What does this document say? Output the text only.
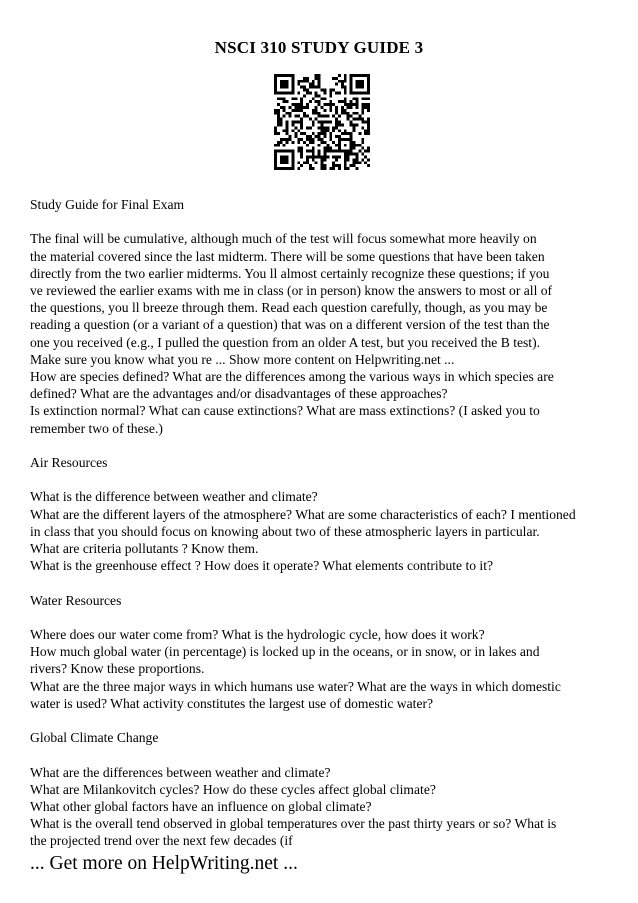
NSCI 310 STUDY GUIDE 3

Study Guide for Final Exam

The final will be cumulative, although much of the test will focus somewhat more heavily on
the material covered since the last midterm. There will be some questions that have been taken
directly from the two earlier midterms. You ll almost certainly recognize these questions; if you
ve reviewed the earlier exams with me in class (or in person) know the answers to most or all of
the questions, you ll breeze through them. Read each question carefully, though, as you may be
reading a question (or a variant of a question) that was on a different version of the test than the
one you received (e.g., I pulled the question from an older A test, but you received the B test).
Make sure you know what you re ... Show more content on Helpwriting.net ...
How are species defined? What are the differences among the various ways in which species are
defined? What are the advantages and/or disadvantages of these approaches?
Is extinction normal? What can cause extinctions? What are mass extinctions? (I asked you to
remember two of these.)

Air Resources

What is the difference between weather and climate?
What are the different layers of the atmosphere? What are some characteristics of each? I mentioned
in class that you should focus on knowing about two of these atmospheric layers in particular.
What are criteria pollutants ? Know them.
What is the greenhouse effect ? How does it operate? What elements contribute to it?

Water Resources

Where does our water come from? What is the hydrologic cycle, how does it work?
How much global water (in percentage) is locked up in the oceans, or in snow, or in lakes and
rivers? Know these proportions.
What are the three major ways in which humans use water? What are the ways in which domestic
water is used? What activity constitutes the largest use of domestic water?

Global Climate Change

What are the differences between weather and climate?
What are Milankovitch cycles? How do these cycles affect global climate?
What other global factors have an influence on global climate?
What is the overall tend observed in global temperatures over the past thirty years or so? What is
the projected trend over the next few decades (if

... Get more on HelpWriting.net ...
